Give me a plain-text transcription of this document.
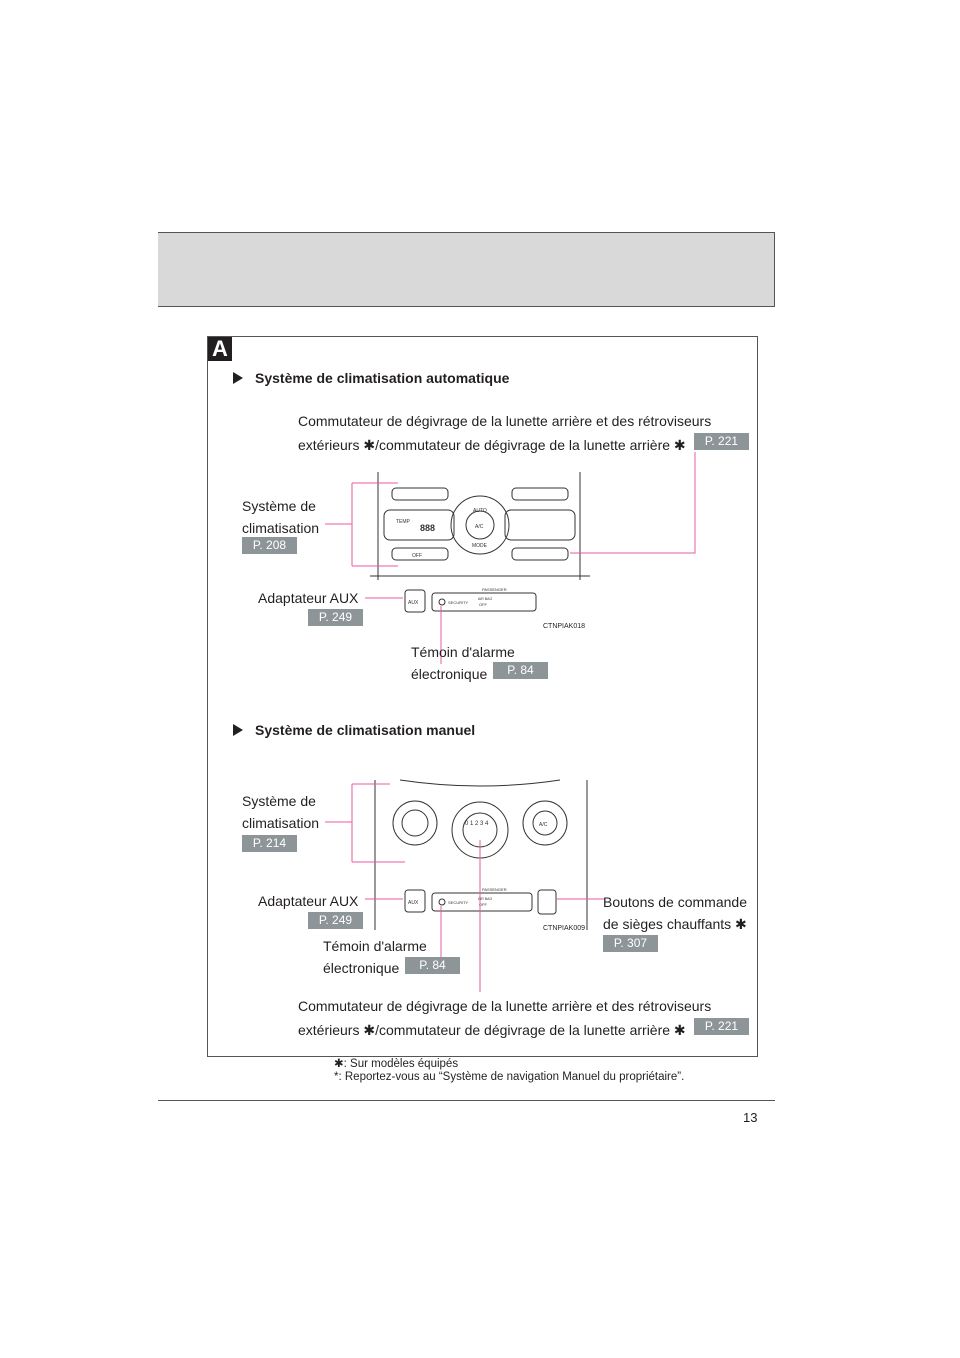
A
TEMP
888
AUTO
A/C
MODE
OFF
AUX	SECURITY
PASSENGER
AIR BAG
OFF
0 1 2 3 4	A/C
AUX	SECURITY
PASSENGER
AIR BAG
OFF
Système de climatisation automatique
Commutateur de dégivrage de la lunette arrière et des rétroviseurs
extérieurs ✱/commutateur de dégivrage de la lunette arrière ✱	P. 221
Système de
climatisation
P. 208
Adaptateur AUX
P. 249
CTNPIAK018
Témoin d'alarme
électronique	P. 84
Système de climatisation manuel
Système de
climatisation
P. 214
Adaptateur AUX
P. 249
Boutons de commande
de sièges chauffants ✱
P. 307
CTNPIAK009
Témoin d'alarme
électronique	P. 84
Commutateur de dégivrage de la lunette arrière et des rétroviseurs
extérieurs ✱/commutateur de dégivrage de la lunette arrière ✱	P. 221
✱: Sur modèles équipés
*: Reportez-vous au “Système de navigation Manuel du propriétaire”.
13
